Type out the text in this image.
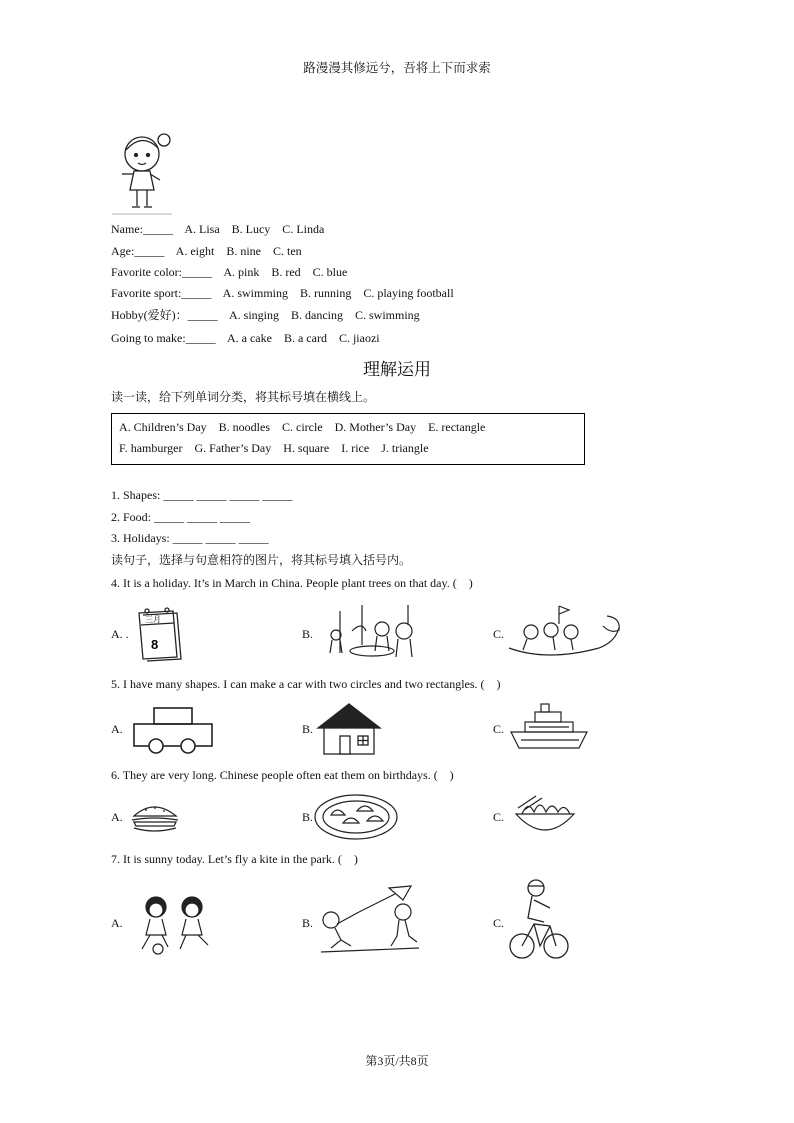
路漫漫其修远兮，吾将上下而求索
Name:_____    A. Lisa    B. Lucy    C. Linda
Age:_____    A. eight    B. nine    C. ten
Favorite color:_____    A. pink    B. red    C. blue
Favorite sport:_____    A. swimming    B. running    C. playing football
Hobby(爱好)：_____    A. singing    B. dancing    C. swimming
Going to make:_____    A. a cake    B. a card    C. jiaozi
理解运用
读一读，给下列单词分类，将其标号填在横线上。
A. Children’s Day    B. noodles    C. circle    D. Mother’s Day    E. rectangle
F. hamburger    G. Father’s Day    H. square    I. rice    J. triangle
1. Shapes: _____ _____ _____ _____
2. Food: _____ _____ _____
3. Holidays: _____ _____ _____
读句子，选择与句意相符的图片，将其标号填入括号内。
4. It is a holiday. It’s in March in China. People plant trees on that day. (    )
A. .
三月
8
B.	C.
5. I have many shapes. I can make a car with two circles and two rectangles. (    )
A.	B.	C.
6. They are very long. Chinese people often eat them on birthdays. (    )
A.	B.	C.
7. It is sunny today. Let’s fly a kite in the park. (    )
A.	B.	C.
第3页/共8页
